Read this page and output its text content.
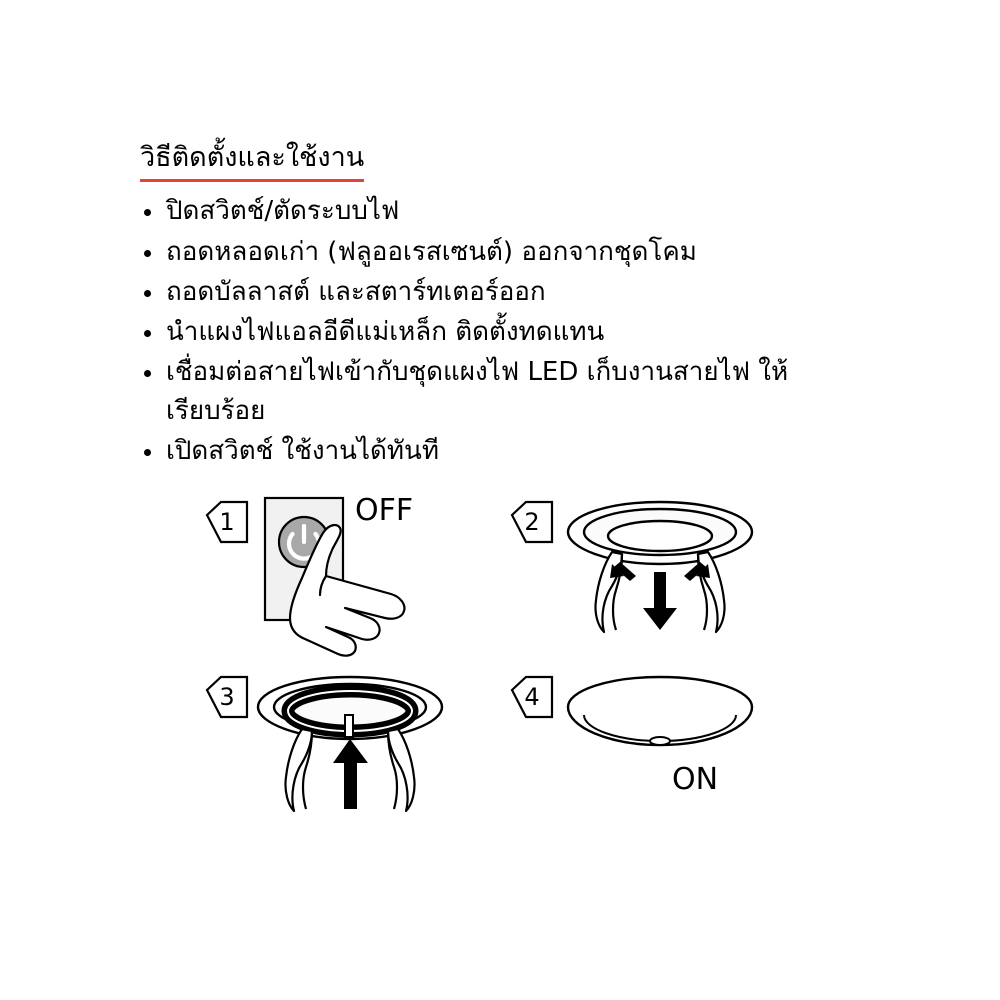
วิธีติดตั้งและใช้งาน
ปิดสวิตช์/ตัดระบบไฟ
ถอดหลอดเก่า (ฟลูออเรสเซนต์) ออกจากชุดโคม
ถอดบัลลาสต์ และสตาร์ทเตอร์ออก
นำแผงไฟแอลอีดีแม่เหล็ก ติดตั้งทดแทน
เชื่อมต่อสายไฟเข้ากับชุดแผงไฟ LED เก็บงานสายไฟ ให้เรียบร้อย
เปิดสวิตช์ ใช้งานได้ทันที
1	OFF	2
3	4
ON
